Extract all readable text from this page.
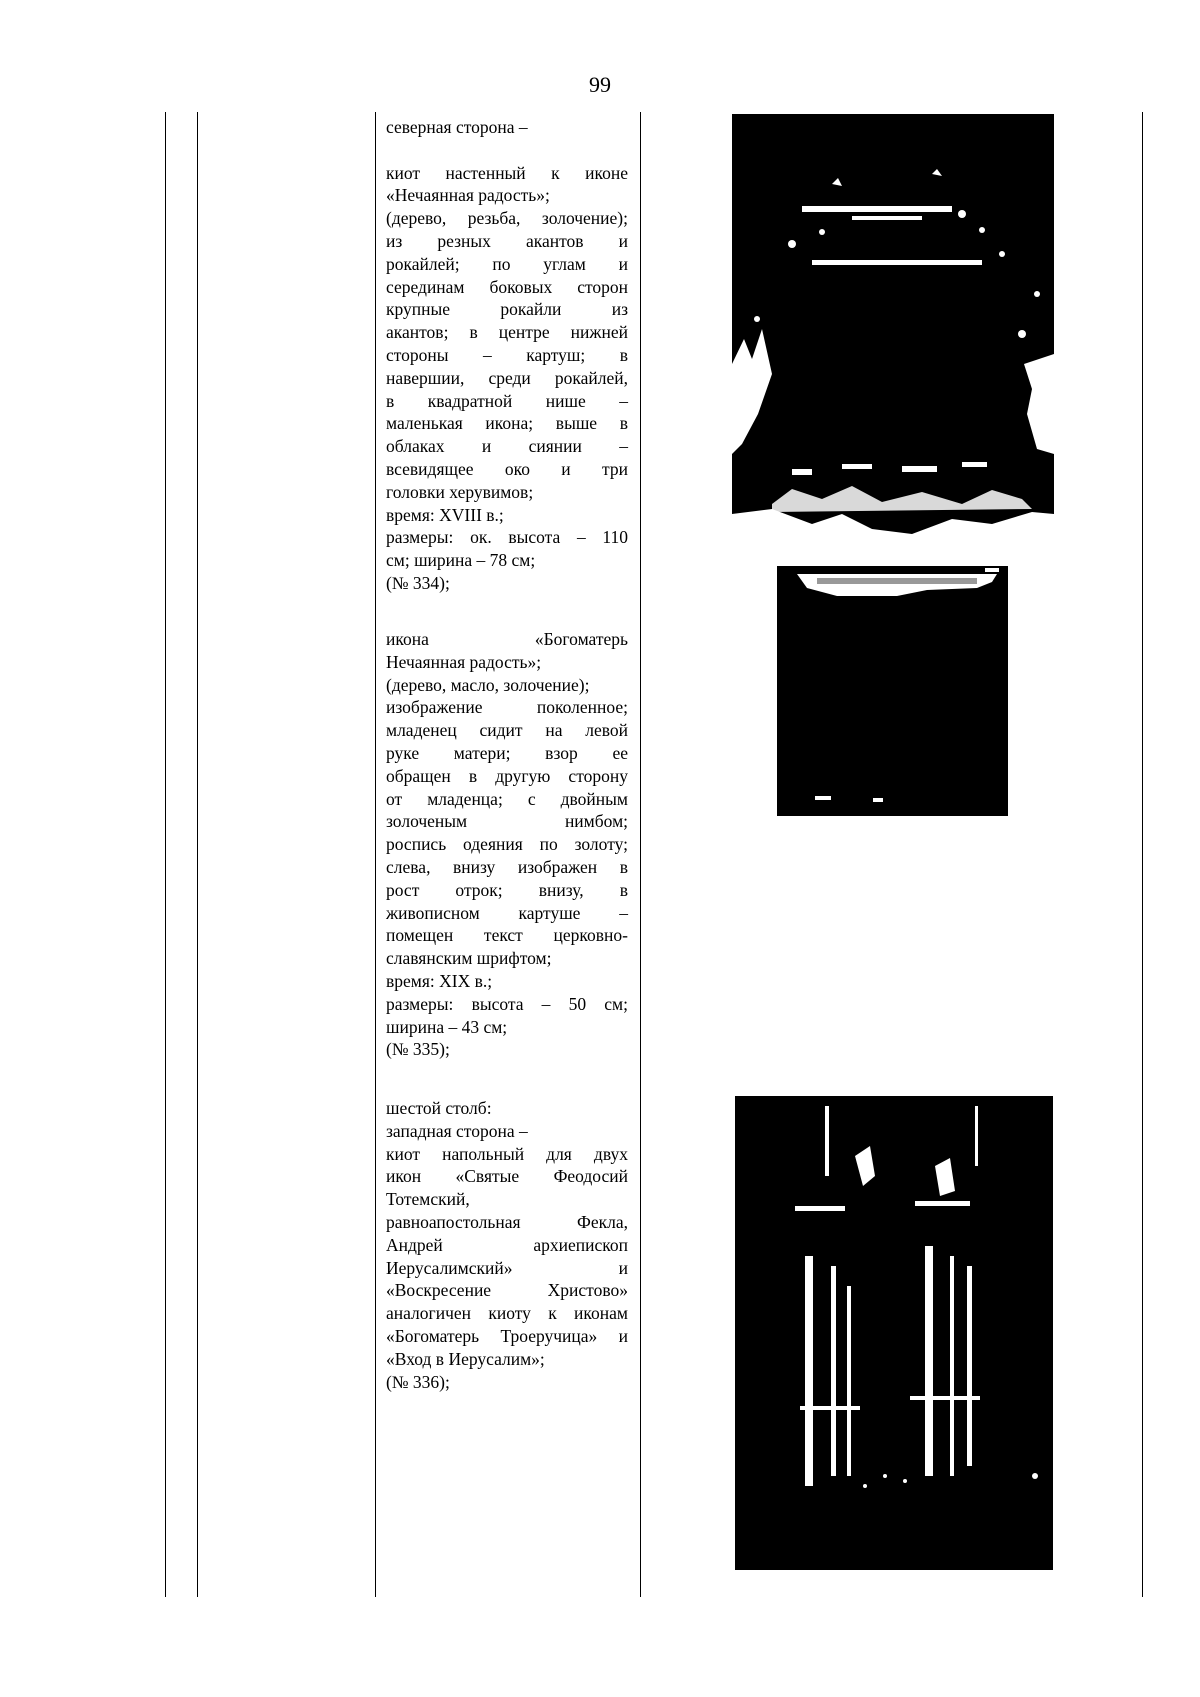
99

северная сторона –

киот настенный к иконе

«Нечаянная радость»;

(дерево, резьба, золочение);

из резных акантов и

рокайлей; по углам и

серединам боковых сторон

крупные рокайли из

акантов; в центре нижней

стороны – картуш; в

навершии, среди рокайлей,

в квадратной нише –

маленькая икона; выше в

облаках и сиянии –

всевидящее око и три

головки херувимов;

время: XVIII в.;

размеры: ок. высота – 110

см; ширина – 78 см;

(№ 334);

икона «Богоматерь

Нечаянная радость»;

(дерево, масло, золочение);

изображение поколенное;

младенец сидит на левой

руке матери; взор ее

обращен в другую сторону

от младенца; с двойным

золоченым нимбом;

роспись одеяния по золоту;

слева, внизу изображен в

рост отрок; внизу, в

живописном картуше –

помещен текст церковно-

славянским шрифтом;

время: XIX в.;

размеры: высота – 50 см;

ширина – 43 см;

(№ 335);

шестой столб:

западная сторона –

киот напольный для двух

икон «Святые Феодосий

Тотемский,

равноапостольная Фекла,

Андрей архиепископ

Иерусалимский» и

«Воскресение Христово»

аналогичен киоту к иконам

«Богоматерь Троеручица» и

«Вход в Иерусалим»;

(№ 336);
